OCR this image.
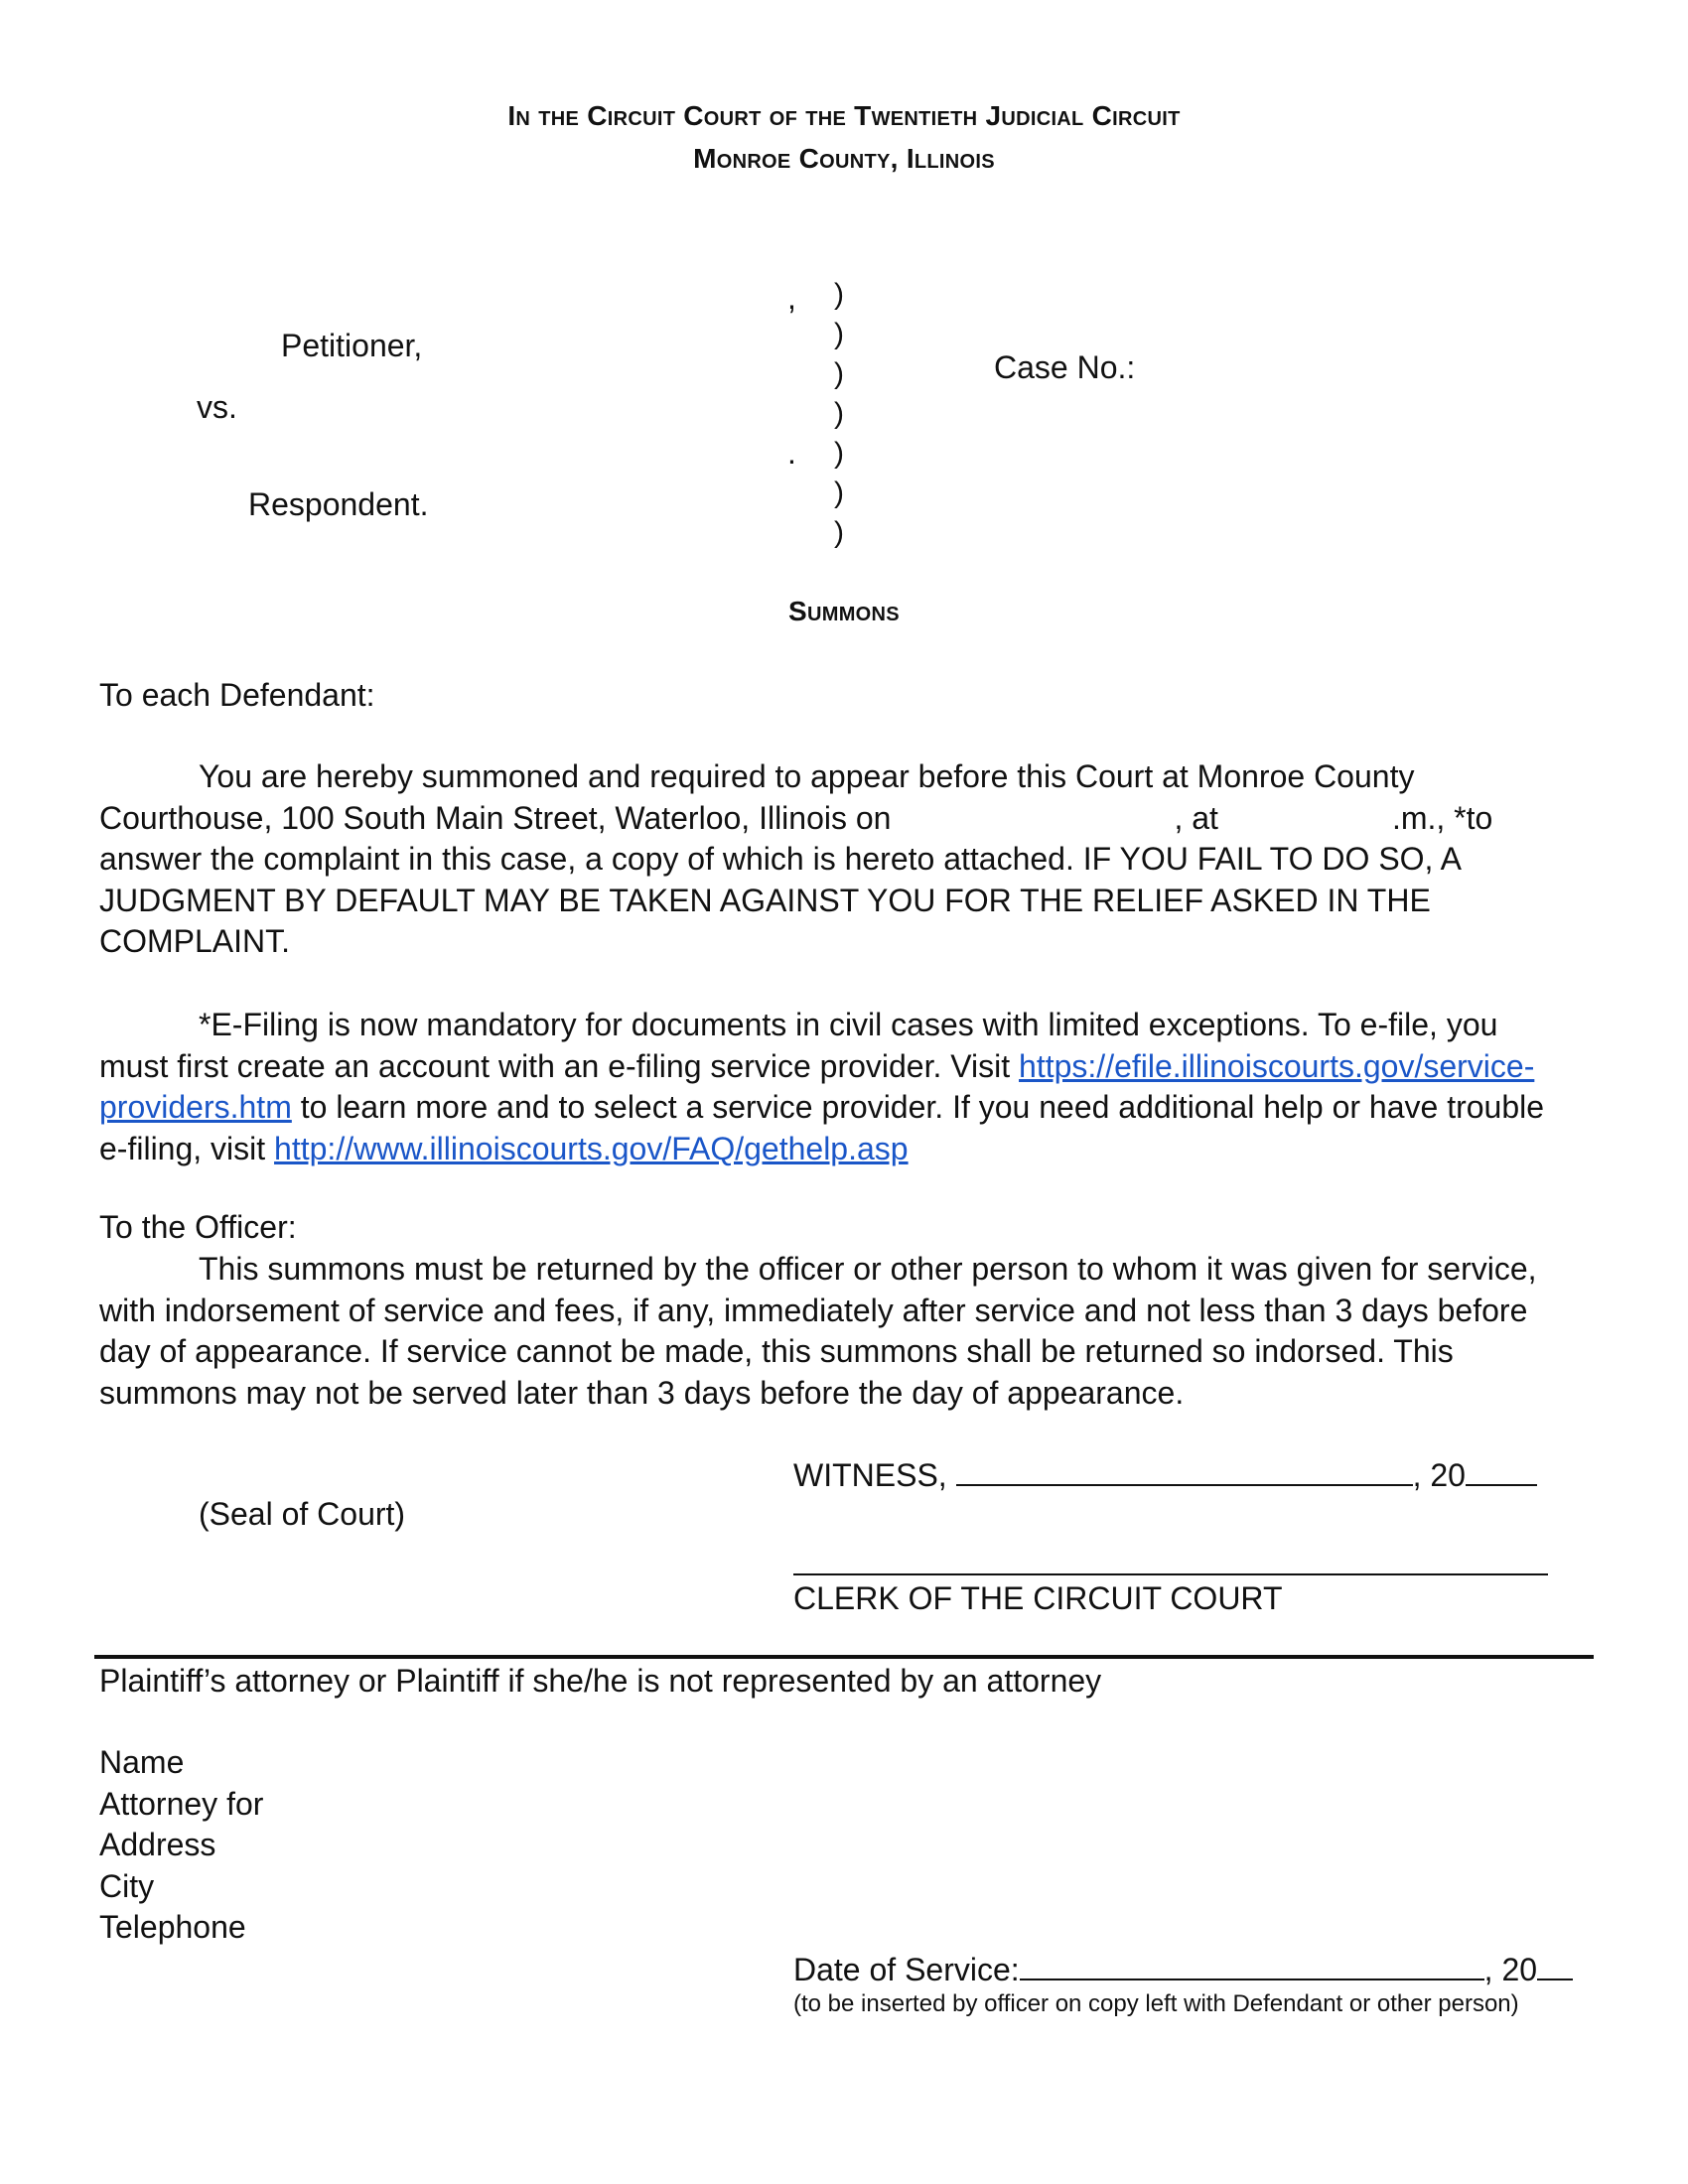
In the Circuit Court of the Twentieth Judicial Circuit
Monroe County, Illinois
,
.
Petitioner,
vs.
Respondent.
Case No.:
)
)
)
)
)
)
)
Summons
To each Defendant:
You are hereby summoned and required to appear before this Court at Monroe County
Courthouse, 100 South Main Street, Waterloo, Illinois on	, at	.m., *to
answer the complaint in this case, a copy of which is hereto attached. IF YOU FAIL TO DO SO, A JUDGMENT BY DEFAULT MAY BE TAKEN AGAINST YOU FOR THE RELIEF ASKED IN THE COMPLAINT.
*E-Filing is now mandatory for documents in civil cases with limited exceptions. To e-file, you must first create an account with an e-filing service provider. Visit https://efile.illinoiscourts.gov/service-providers.htm to learn more and to select a service provider. If you need additional help or have trouble e-filing, visit http://www.illinoiscourts.gov/FAQ/gethelp.asp
To the Officer:
This summons must be returned by the officer or other person to whom it was given for service, with indorsement of service and fees, if any, immediately after service and not less than 3 days before day of appearance. If service cannot be made, this summons shall be returned so indorsed. This summons may not be served later than 3 days before the day of appearance.
WITNESS,	, 20
(Seal of Court)
CLERK OF THE CIRCUIT COURT
Plaintiff’s attorney or Plaintiff if she/he is not represented by an attorney
Name
Attorney for
Address
City
Telephone
Date of Service:	, 20
(to be inserted by officer on copy left with Defendant or other person)
